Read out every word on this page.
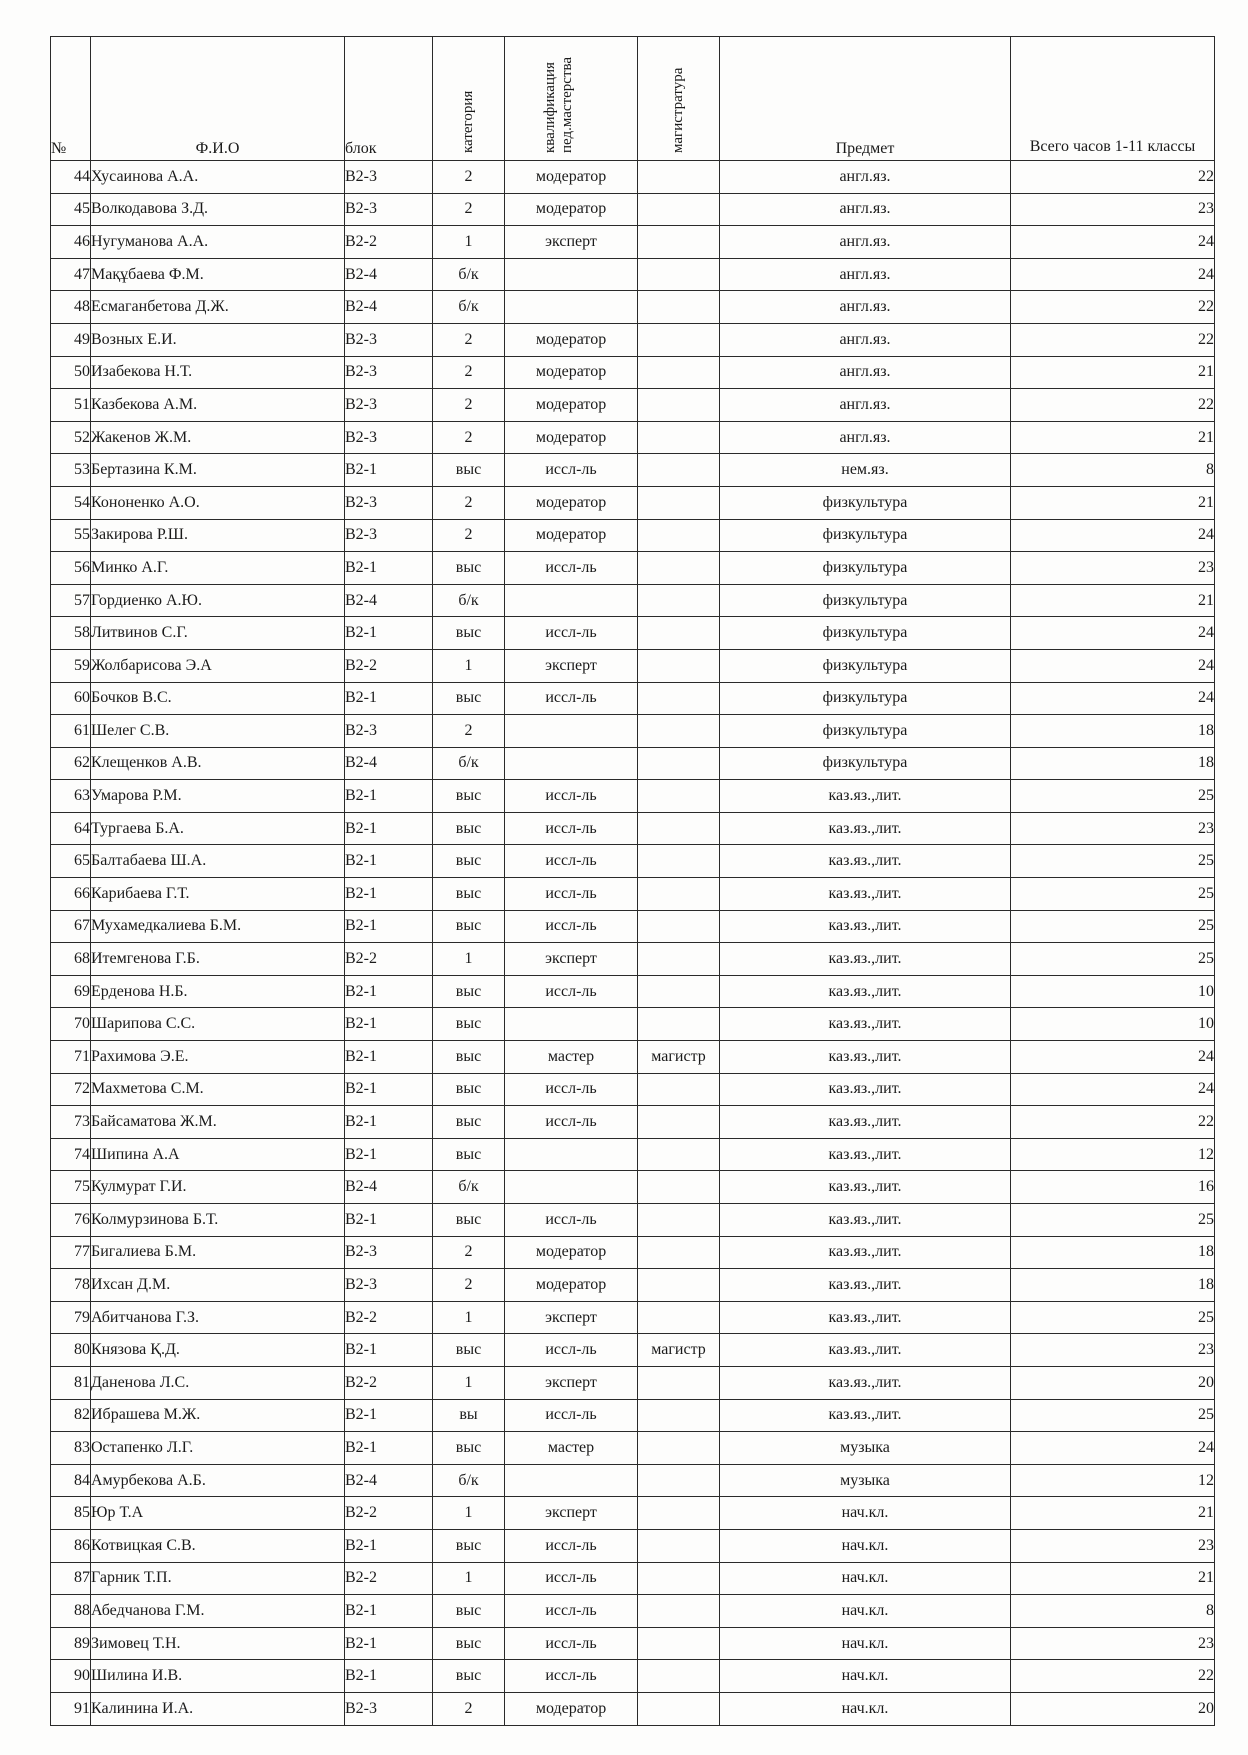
№	Ф.И.О	блок	категория	квалификация пед.мастерства	магистратура	Предмет	Всего часов 1-11 классы
44	Хусаинова А.А.	В2-3	2	модератор		англ.яз.	22
45	Волкодавова З.Д.	В2-3	2	модератор		англ.яз.	23
46	Нугуманова А.А.	В2-2	1	эксперт		англ.яз.	24
47	Мақұбаева Ф.М.	В2-4	б/к			англ.яз.	24
48	Есмаганбетова Д.Ж.	В2-4	б/к			англ.яз.	22
49	Возных Е.И.	В2-3	2	модератор		англ.яз.	22
50	Изабекова Н.Т.	В2-3	2	модератор		англ.яз.	21
51	Казбекова А.М.	В2-3	2	модератор		англ.яз.	22
52	Жакенов Ж.М.	В2-3	2	модератор		англ.яз.	21
53	Бертазина К.М.	В2-1	выс	иссл-ль		нем.яз.	8
54	Кононенко А.О.	В2-3	2	модератор		физкультура	21
55	Закирова Р.Ш.	В2-3	2	модератор		физкультура	24
56	Минко А.Г.	В2-1	выс	иссл-ль		физкультура	23
57	Гордиенко А.Ю.	В2-4	б/к			физкультура	21
58	Литвинов С.Г.	В2-1	выс	иссл-ль		физкультура	24
59	Жолбарисова Э.А	В2-2	1	эксперт		физкультура	24
60	Бочков В.С.	В2-1	выс	иссл-ль		физкультура	24
61	Шелег С.В.	В2-3	2			физкультура	18
62	Клещенков А.В.	В2-4	б/к			физкультура	18
63	Умарова Р.М.	В2-1	выс	иссл-ль		каз.яз.,лит.	25
64	Тургаева Б.А.	В2-1	выс	иссл-ль		каз.яз.,лит.	23
65	Балтабаева Ш.А.	В2-1	выс	иссл-ль		каз.яз.,лит.	25
66	Карибаева Г.Т.	В2-1	выс	иссл-ль		каз.яз.,лит.	25
67	Мухамедкалиева Б.М.	В2-1	выс	иссл-ль		каз.яз.,лит.	25
68	Итемгенова Г.Б.	В2-2	1	эксперт		каз.яз.,лит.	25
69	Ерденова Н.Б.	В2-1	выс	иссл-ль		каз.яз.,лит.	10
70	Шарипова С.С.	В2-1	выс			каз.яз.,лит.	10
71	Рахимова Э.Е.	В2-1	выс	мастер	магистр	каз.яз.,лит.	24
72	Махметова С.М.	В2-1	выс	иссл-ль		каз.яз.,лит.	24
73	Байсаматова Ж.М.	В2-1	выс	иссл-ль		каз.яз.,лит.	22
74	Шипина А.А	В2-1	выс			каз.яз.,лит.	12
75	Кулмурат Г.И.	В2-4	б/к			каз.яз.,лит.	16
76	Колмурзинова Б.Т.	В2-1	выс	иссл-ль		каз.яз.,лит.	25
77	Бигалиева Б.М.	В2-3	2	модератор		каз.яз.,лит.	18
78	Ихсан Д.М.	В2-3	2	модератор		каз.яз.,лит.	18
79	Абитчанова Г.З.	В2-2	1	эксперт		каз.яз.,лит.	25
80	Князова Қ.Д.	В2-1	выс	иссл-ль	магистр	каз.яз.,лит.	23
81	Даненова Л.С.	В2-2	1	эксперт		каз.яз.,лит.	20
82	Ибрашева М.Ж.	В2-1	вы	иссл-ль		каз.яз.,лит.	25
83	Остапенко Л.Г.	В2-1	выс	мастер		музыка	24
84	Амурбекова А.Б.	В2-4	б/к			музыка	12
85	Юр Т.А	В2-2	1	эксперт		нач.кл.	21
86	Котвицкая С.В.	В2-1	выс	иссл-ль		нач.кл.	23
87	Гарник Т.П.	В2-2	1	иссл-ль		нач.кл.	21
88	Абедчанова Г.М.	В2-1	выс	иссл-ль		нач.кл.	8
89	Зимовец Т.Н.	В2-1	выс	иссл-ль		нач.кл.	23
90	Шилина И.В.	В2-1	выс	иссл-ль		нач.кл.	22
91	Калинина И.А.	В2-3	2	модератор		нач.кл.	20
